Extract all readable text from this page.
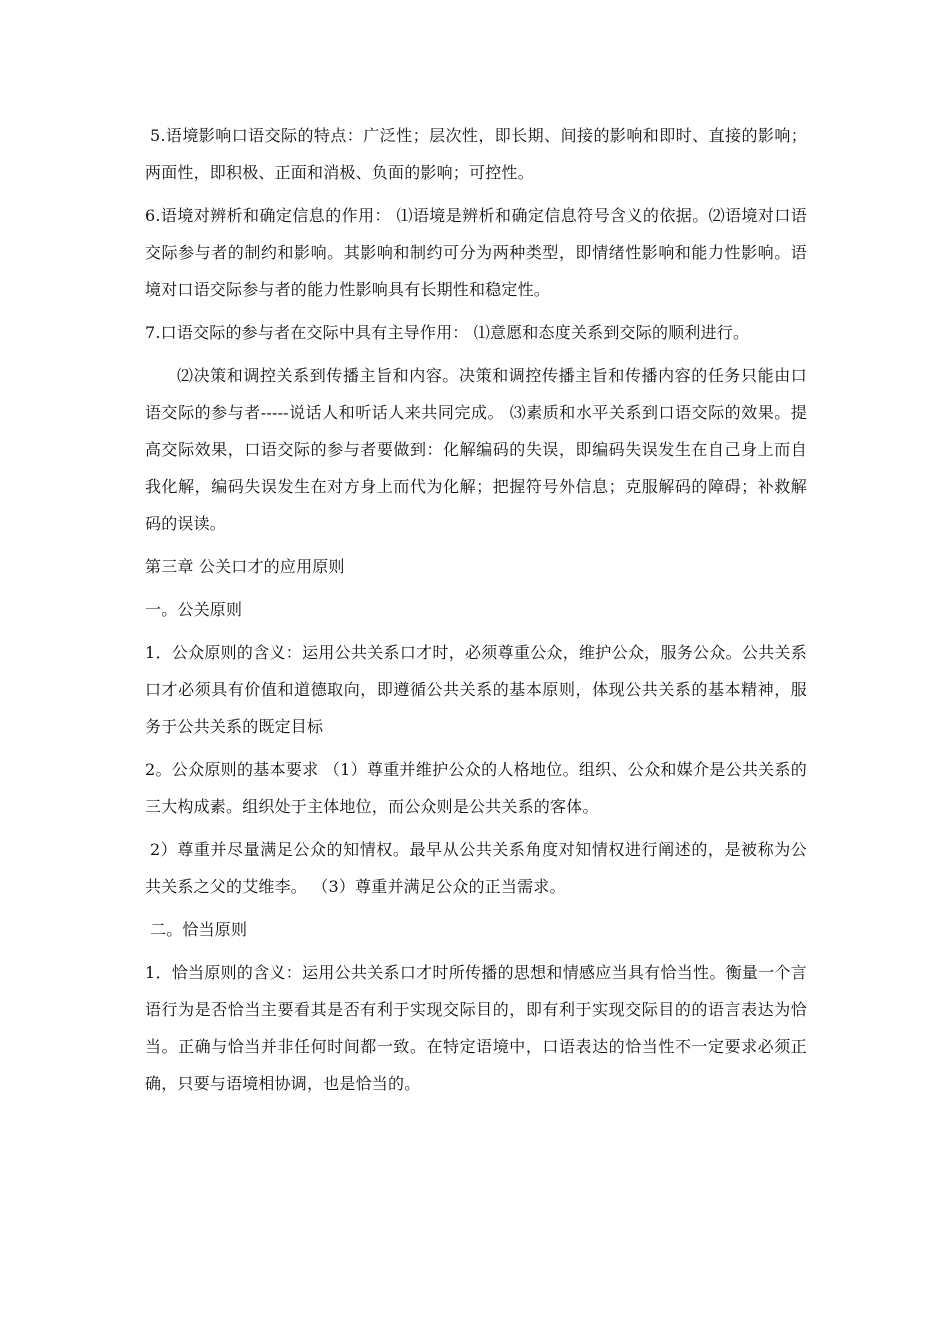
5.语境影响口语交际的特点：广泛性；层次性，即长期、间接的影响和即时、直接的影响；两面性，即积极、正面和消极、负面的影响；可控性。

6.语境对辨析和确定信息的作用： ⑴语境是辨析和确定信息符号含义的依据。⑵语境对口语交际参与者的制约和影响。其影响和制约可分为两种类型，即情绪性影响和能力性影响。语境对口语交际参与者的能力性影响具有长期性和稳定性。

7.口语交际的参与者在交际中具有主导作用： ⑴意愿和态度关系到交际的顺利进行。

⑵决策和调控关系到传播主旨和内容。决策和调控传播主旨和传播内容的任务只能由口语交际的参与者-----说话人和听话人来共同完成。 ⑶素质和水平关系到口语交际的效果。提高交际效果，口语交际的参与者要做到：化解编码的失误，即编码失误发生在自己身上而自我化解，编码失误发生在对方身上而代为化解；把握符号外信息；克服解码的障碍；补救解码的误读。

第三章 公关口才的应用原则

一。公关原则

1．公众原则的含义：运用公共关系口才时，必须尊重公众，维护公众，服务公众。公共关系口才必须具有价值和道德取向，即遵循公共关系的基本原则，体现公共关系的基本精神，服务于公共关系的既定目标

2。公众原则的基本要求 （1）尊重并维护公众的人格地位。组织、公众和媒介是公共关系的三大构成素。组织处于主体地位，而公众则是公共关系的客体。

2）尊重并尽量满足公众的知情权。最早从公共关系角度对知情权进行阐述的，是被称为公共关系之父的艾维李。 （3）尊重并满足公众的正当需求。

二。恰当原则

1．恰当原则的含义：运用公共关系口才时所传播的思想和情感应当具有恰当性。衡量一个言语行为是否恰当主要看其是否有利于实现交际目的，即有利于实现交际目的的语言表达为恰当。正确与恰当并非任何时间都一致。在特定语境中，口语表达的恰当性不一定要求必须正确，只要与语境相协调，也是恰当的。
